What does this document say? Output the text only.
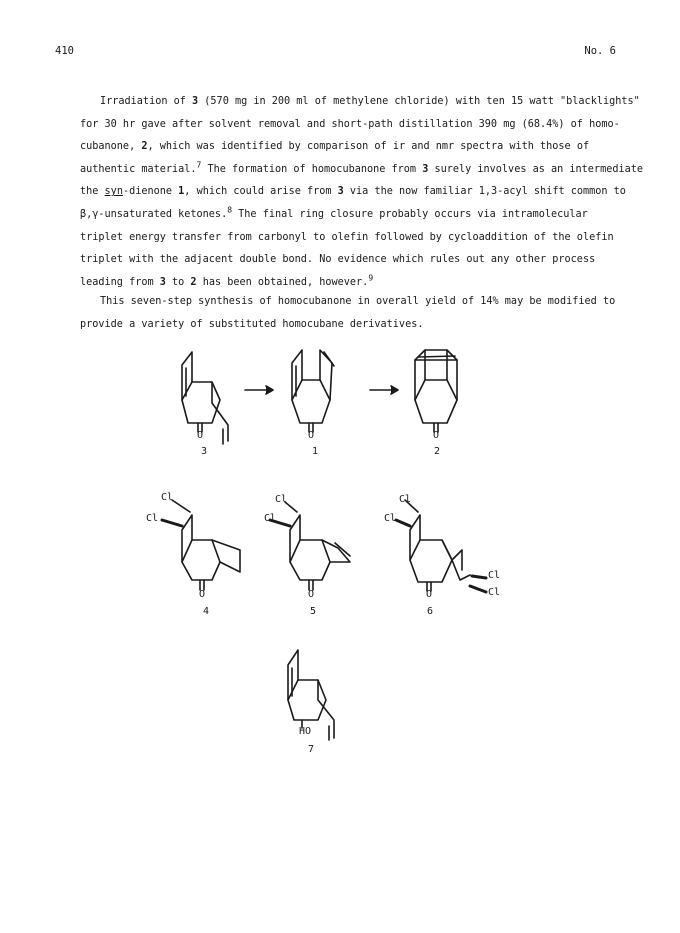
410	No. 6
Irradiation of 3 (570 mg in 200 ml of methylene chloride) with ten 15 watt "blacklights"
for 30 hr gave after solvent removal and short-path distillation 390 mg (68.4%) of homo-
cubanone, 2, which was identified by comparison of ir and nmr spectra with those of
authentic material.$^7$ The formation of homocubanone from 3 surely involves as an intermediate
the syn-dienone 1, which could arise from 3 via the now familiar 1,3-acyl shift common to
β,γ-unsaturated ketones.$^8$ The final ring closure probably occurs via intramolecular
triplet energy transfer from carbonyl to olefin followed by cycloaddition of the olefin
triplet with the adjacent double bond. No evidence which rules out any other process
leading from 3 to 2 has been obtained, however.$^9$
This seven-step synthesis of homocubanone in overall yield of 14% may be modified to
provide a variety of substituted homocubane derivatives.
O	O	O
O	O	O
Cl
Cl
Cl
Cl
Cl
Cl
Cl
Cl
HO
3	1	2
4	5	6
7
